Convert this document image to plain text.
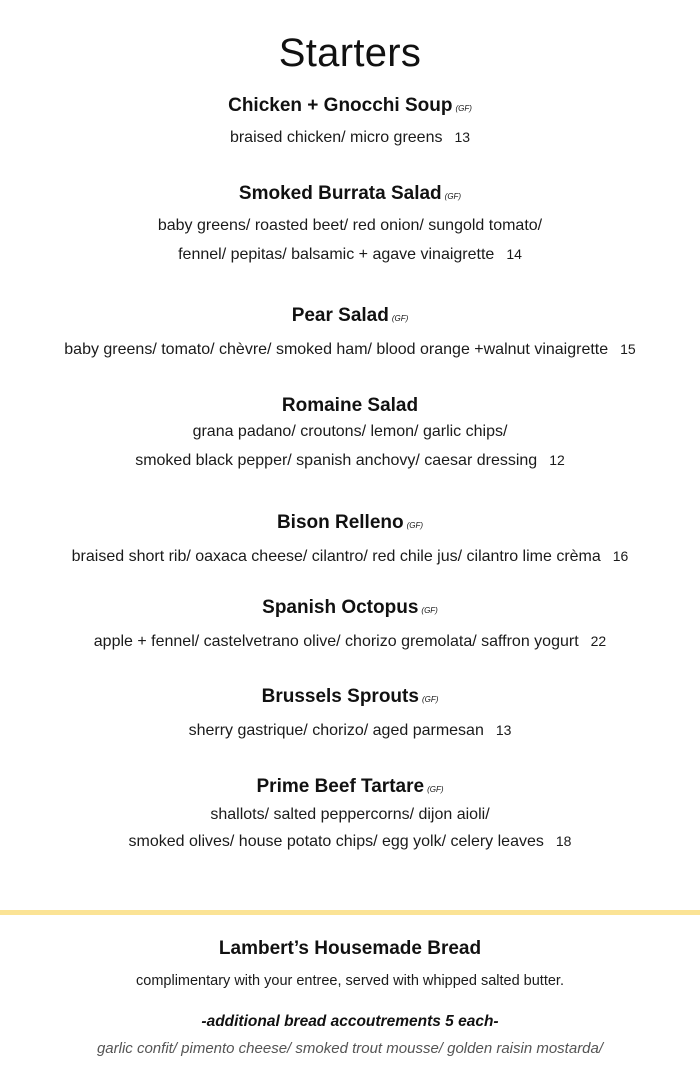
Starters
Chicken + Gnocchi Soup (GF)
braised chicken/ micro greens 13
Smoked Burrata Salad (GF)
baby greens/ roasted beet/ red onion/ sungold tomato/
fennel/ pepitas/ balsamic + agave vinaigrette 14
Pear Salad (GF)
baby greens/ tomato/ chèvre/ smoked ham/ blood orange +walnut vinaigrette 15
Romaine Salad
grana padano/ croutons/ lemon/ garlic chips/
smoked black pepper/ spanish anchovy/ caesar dressing 12
Bison Relleno (GF)
braised short rib/ oaxaca cheese/ cilantro/ red chile jus/ cilantro lime crèma 16
Spanish Octopus (GF)
apple + fennel/ castelvetrano olive/ chorizo gremolata/ saffron yogurt 22
Brussels Sprouts (GF)
sherry gastrique/ chorizo/ aged parmesan 13
Prime Beef Tartare (GF)
shallots/ salted peppercorns/ dijon aioli/
smoked olives/ house potato chips/ egg yolk/ celery leaves 18
Lambert’s Housemade Bread
complimentary with your entree, served with whipped salted butter.
-additional bread accoutrements 5 each-
garlic confit/ pimento cheese/ smoked trout mousse/ golden raisin mostarda/
